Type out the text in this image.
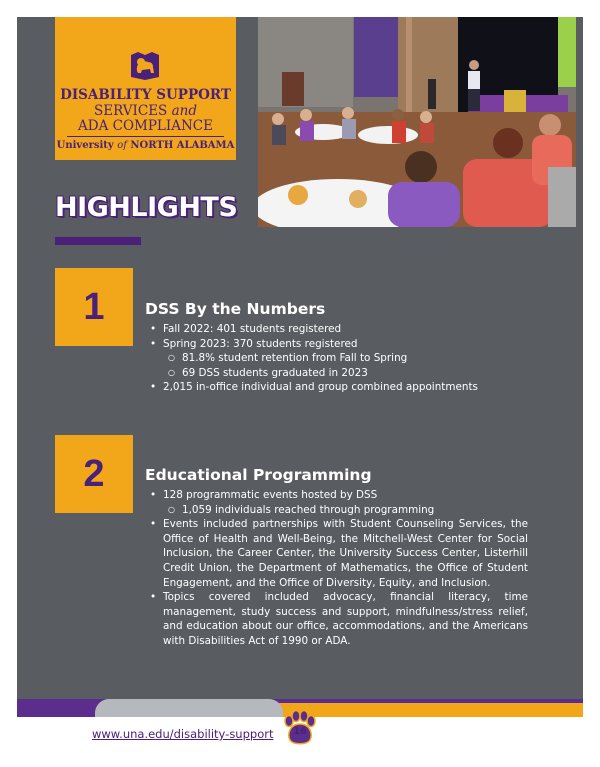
DISABILITY SUPPORT
SERVICES and
ADA COMPLIANCE
University of NORTH ALABAMA
HIGHLIGHTS
1	DSS By the Numbers
• Fall 2022: 401 students registered
• Spring 2023: 370 students registered
○ 81.8% student retention from Fall to Spring
○ 69 DSS students graduated in 2023
• 2,015 in-office individual and group combined appointments
2	Educational Programming
• 128 programmatic events hosted by DSS
○ 1,059 individuals reached through programming
• Events included partnerships with Student Counseling Services, the Office of Health and Well-Being, the Mitchell-West Center for Social Inclusion, the Career Center, the University Success Center, Listerhill Credit Union, the Department of Mathematics, the Office of Student Engagement, and the Office of Diversity, Equity, and Inclusion.
• Topics covered included advocacy, financial literacy, time management, study success and support, mindfulness/stress relief, and education about our office, accommodations, and the Americans with Disabilities Act of 1990 or ADA.
www.una.edu/disability-support	16
